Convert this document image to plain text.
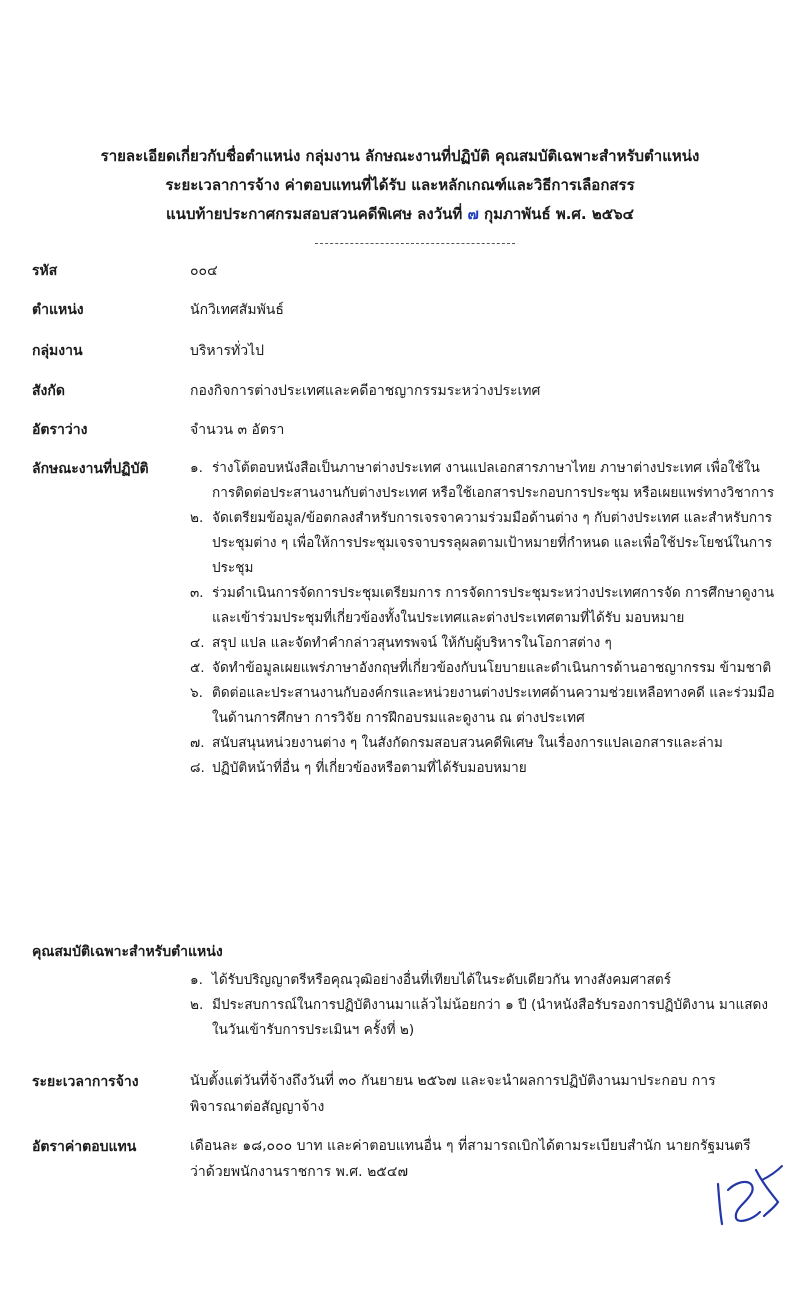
รายละเอียดเกี่ยวกับชื่อตำแหน่ง กลุ่มงาน ลักษณะงานที่ปฏิบัติ คุณสมบัติเฉพาะสำหรับตำแหน่ง
ระยะเวลาการจ้าง ค่าตอบแทนที่ได้รับ และหลักเกณฑ์และวิธีการเลือกสรร
แนบท้ายประกาศกรมสอบสวนคดีพิเศษ ลงวันที่ ๗ กุมภาพันธ์ พ.ศ. ๒๕๖๔
รหัส	๐๐๔
ตำแหน่ง	นักวิเทศสัมพันธ์
กลุ่มงาน	บริหารทั่วไป
สังกัด	กองกิจการต่างประเทศและคดีอาชญากรรมระหว่างประเทศ
อัตราว่าง	จำนวน ๓ อัตรา
ลักษณะงานที่ปฏิบัติ	๑. ร่างโต้ตอบหนังสือเป็นภาษาต่างประเทศ งานแปลเอกสารภาษาไทย ภาษาต่างประเทศ เพื่อใช้ในการติดต่อประสานงานกับต่างประเทศ หรือใช้เอกสารประกอบการประชุม หรือเผยแพร่ทางวิชาการ
๒. จัดเตรียมข้อมูล/ข้อตกลงสำหรับการเจรจาความร่วมมือด้านต่าง ๆ กับต่างประเทศ และสำหรับการประชุมต่าง ๆ เพื่อให้การประชุมเจรจาบรรลุผลตามเป้าหมายที่กำหนด และเพื่อใช้ประโยชน์ในการประชุม
๓. ร่วมดำเนินการจัดการประชุมเตรียมการ การจัดการประชุมระหว่างประเทศการจัด การศึกษาดูงานและเข้าร่วมประชุมที่เกี่ยวข้องทั้งในประเทศและต่างประเทศตามที่ได้รับ มอบหมาย
๔. สรุป แปล และจัดทำคำกล่าวสุนทรพจน์ ให้กับผู้บริหารในโอกาสต่าง ๆ
๕. จัดทำข้อมูลเผยแพร่ภาษาอังกฤษที่เกี่ยวข้องกับนโยบายและดำเนินการด้านอาชญากรรม ข้ามชาติ
๖. ติดต่อและประสานงานกับองค์กรและหน่วยงานต่างประเทศด้านความช่วยเหลือทางคดี และร่วมมือในด้านการศึกษา การวิจัย การฝึกอบรมและดูงาน ณ ต่างประเทศ
๗. สนับสนุนหน่วยงานต่าง ๆ ในสังกัดกรมสอบสวนคดีพิเศษ ในเรื่องการแปลเอกสารและล่าม
๘. ปฏิบัติหน้าที่อื่น ๆ ที่เกี่ยวข้องหรือตามที่ได้รับมอบหมาย
คุณสมบัติเฉพาะสำหรับตำแหน่ง
๑. ได้รับปริญญาตรีหรือคุณวุฒิอย่างอื่นที่เทียบได้ในระดับเดียวกัน ทางสังคมศาสตร์
๒. มีประสบการณ์ในการปฏิบัติงานมาแล้วไม่น้อยกว่า ๑ ปี (นำหนังสือรับรองการปฏิบัติงาน มาแสดงในวันเข้ารับการประเมินฯ ครั้งที่ ๒)
ระยะเวลาการจ้าง	นับตั้งแต่วันที่จ้างถึงวันที่ ๓๐ กันยายน ๒๕๖๗ และจะนำผลการปฏิบัติงานมาประกอบ การพิจารณาต่อสัญญาจ้าง
อัตราค่าตอบแทน	เดือนละ ๑๘,๐๐๐ บาท และค่าตอบแทนอื่น ๆ ที่สามารถเบิกได้ตามระเบียบสำนัก นายกรัฐมนตรีว่าด้วยพนักงานราชการ พ.ศ. ๒๕๔๗
